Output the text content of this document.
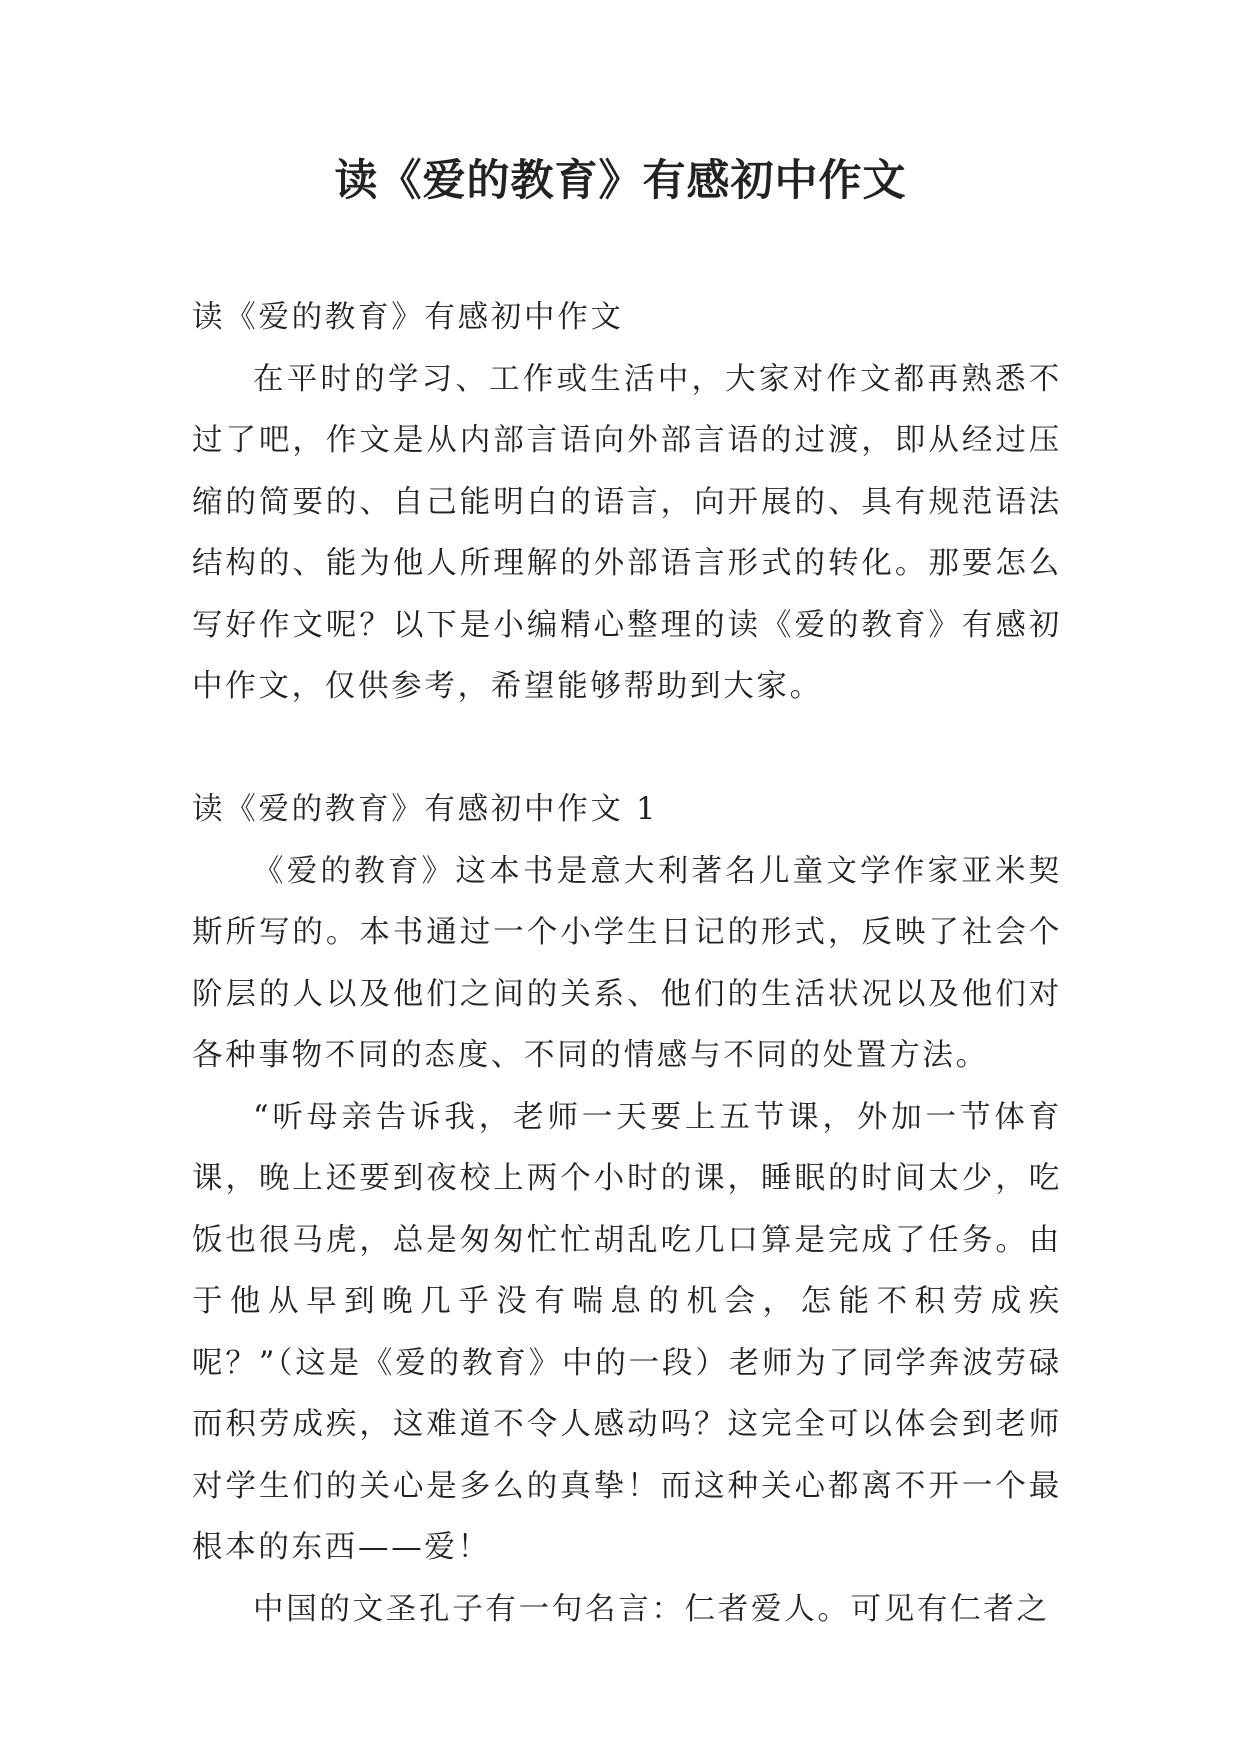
读《爱的教育》有感初中作文

读《爱的教育》有感初中作文

在平时的学习、工作或生活中，大家对作文都再熟悉不过了吧，作文是从内部言语向外部言语的过渡，即从经过压缩的简要的、自己能明白的语言，向开展的、具有规范语法结构的、能为他人所理解的外部语言形式的转化。那要怎么写好作文呢？以下是小编精心整理的读《爱的教育》有感初中作文，仅供参考，希望能够帮助到大家。

读《爱的教育》有感初中作文 1

《爱的教育》这本书是意大利著名儿童文学作家亚米契斯所写的。本书通过一个小学生日记的形式，反映了社会个阶层的人以及他们之间的关系、他们的生活状况以及他们对各种事物不同的态度、不同的情感与不同的处置方法。

“听母亲告诉我，老师一天要上五节课，外加一节体育课，晚上还要到夜校上两个小时的课，睡眠的时间太少，吃饭也很马虎，总是匆匆忙忙胡乱吃几口算是完成了任务。由于他从早到晚几乎没有喘息的机会，怎能不积劳成疾呢？”（这是《爱的教育》中的一段）老师为了同学奔波劳碌而积劳成疾，这难道不令人感动吗？这完全可以体会到老师对学生们的关心是多么的真挚！而这种关心都离不开一个最根本的东西——爱！

中国的文圣孔子有一句名言：仁者爱人。可见有仁者之
